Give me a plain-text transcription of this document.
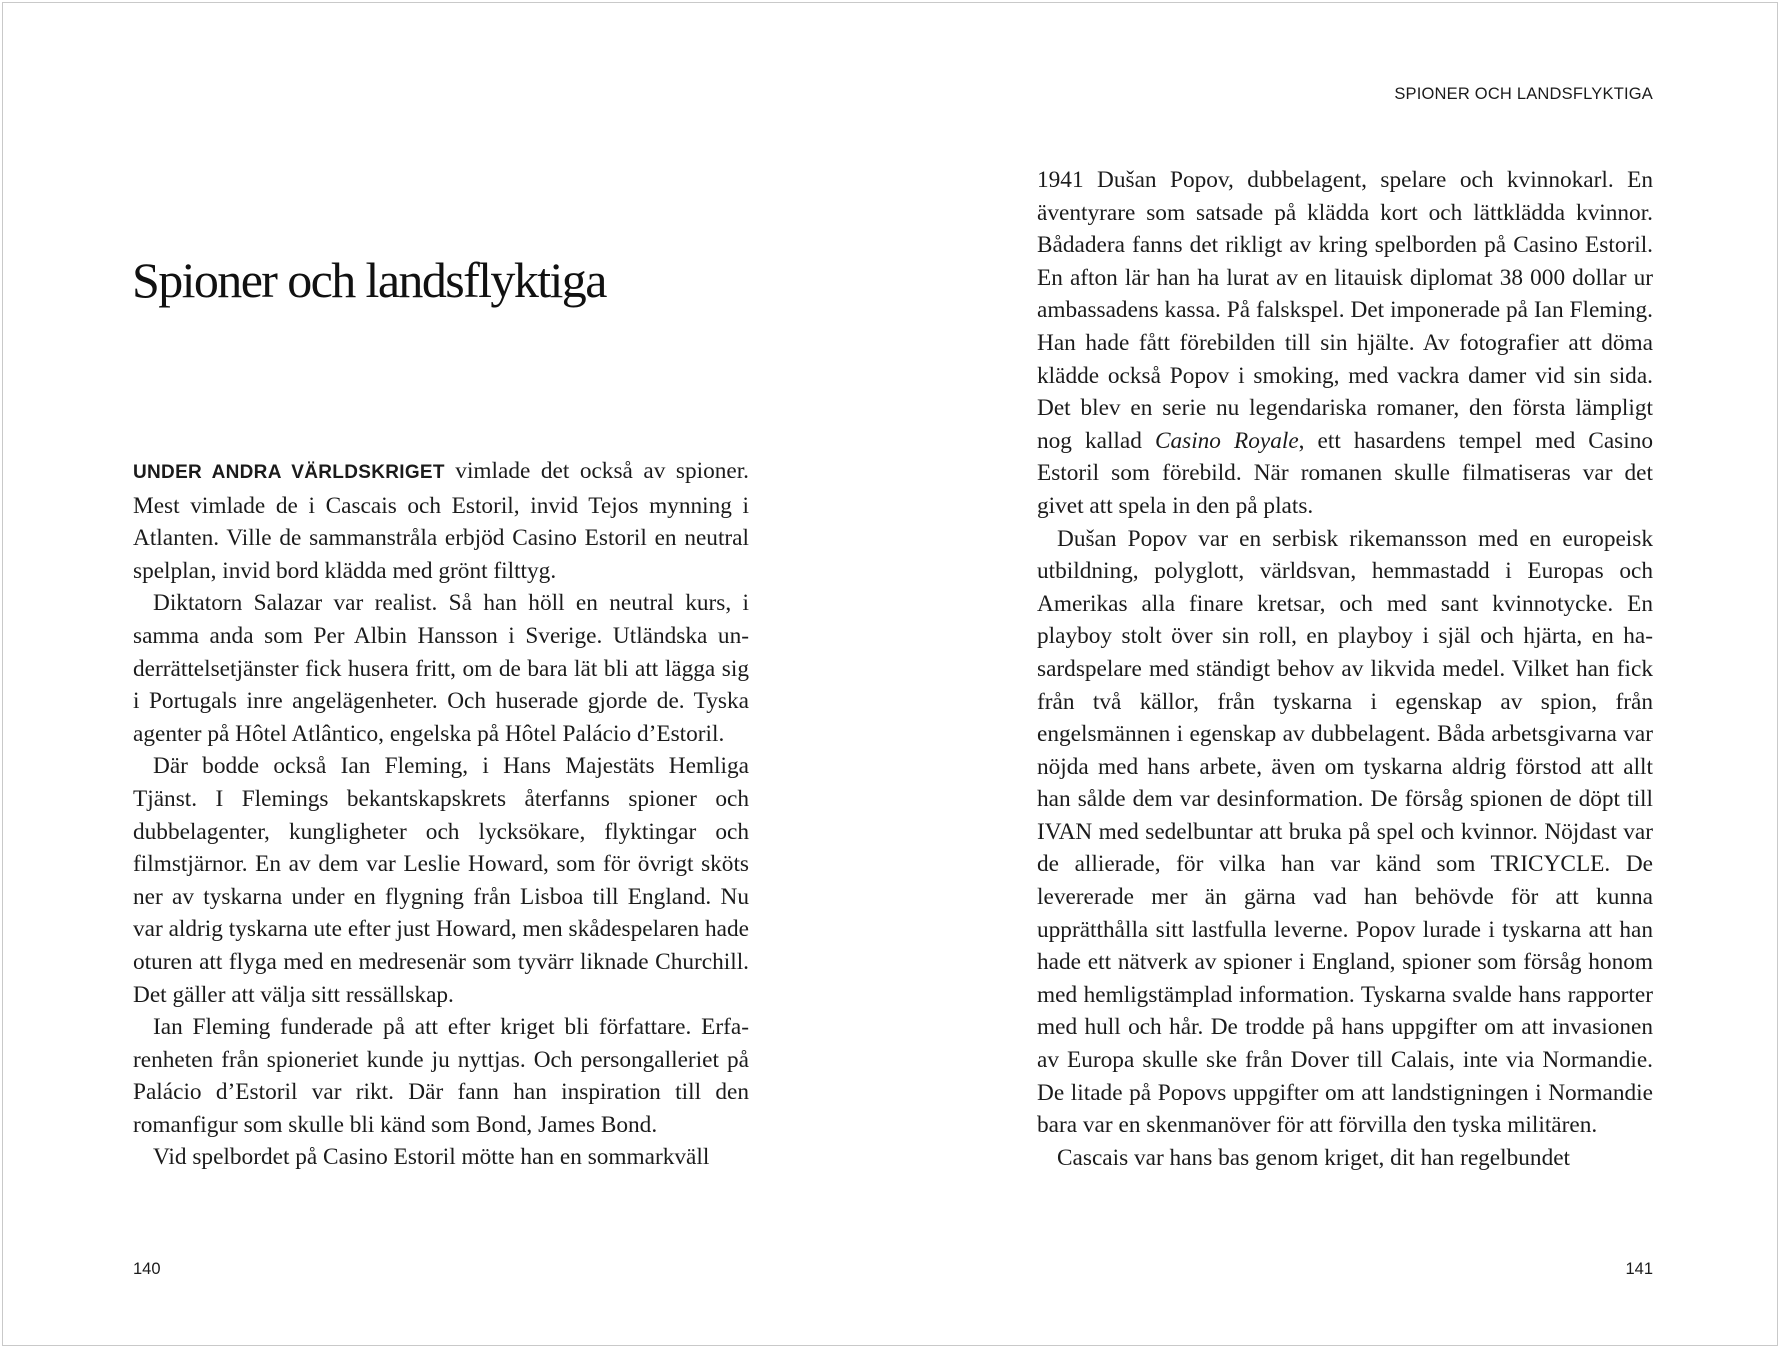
Spioner och landsflyktiga

UNDER ANDRA VÄRLDSKRIGET vimlade det också av spioner. Mest vimlade de i Cascais och Estoril, invid Tejos mynning i Atlanten. Ville de sammanstråla erbjöd Casino Estoril en neutral spelplan, invid bord klädda med grönt filttyg.

Diktatorn Salazar var realist. Så han höll en neutral kurs, i samma anda som Per Albin Hansson i Sverige. Utländska underrättelsetjänster fick husera fritt, om de bara lät bli att lägga sig i Portugals inre angelägenheter. Och huserade gjorde de. Tyska agenter på Hôtel Atlântico, engelska på Hôtel Palácio d’Estoril.

Där bodde också Ian Fleming, i Hans Majestäts Hemliga Tjänst. I Flemings bekantskapskrets återfanns spioner och dubbelagenter, kungligheter och lycksökare, flyktingar och filmstjärnor. En av dem var Leslie Howard, som för övrigt sköts ner av tyskarna under en flygning från Lisboa till England. Nu var aldrig tyskarna ute efter just Howard, men skådespelaren hade oturen att flyga med en medresenär som tyvärr liknade Churchill. Det gäller att välja sitt ressällskap.

Ian Fleming funderade på att efter kriget bli författare. Erfarenheten från spioneriet kunde ju nyttjas. Och persongalleriet på Palácio d’Estoril var rikt. Där fann han inspiration till den romanfigur som skulle bli känd som Bond, James Bond.

Vid spelbordet på Casino Estoril mötte han en sommarkväll

140
SPIONER OCH LANDSFLYKTIGA

1941 Dušan Popov, dubbelagent, spelare och kvinnokarl. En äventyrare som satsade på klädda kort och lättklädda kvinnor. Bådadera fanns det rikligt av kring spelborden på Casino Estoril. En afton lär han ha lurat av en litauisk diplomat 38 000 dollar ur ambassadens kassa. På falskspel. Det imponerade på Ian Fleming. Han hade fått förebilden till sin hjälte. Av fotografier att döma klädde också Popov i smoking, med vackra damer vid sin sida. Det blev en serie nu legendariska romaner, den första lämpligt nog kallad Casino Royale, ett hasardens tempel med Casino Estoril som förebild. När romanen skulle filmatiseras var det givet att spela in den på plats.

Dušan Popov var en serbisk rikemansson med en europeisk utbildning, polyglott, världsvan, hemmastadd i Europas och Amerikas alla finare kretsar, och med sant kvinnotycke. En playboy stolt över sin roll, en playboy i själ och hjärta, en hasardspelare med ständigt behov av likvida medel. Vilket han fick från två källor, från tyskarna i egenskap av spion, från engelsmännen i egenskap av dubbelagent. Båda arbetsgivarna var nöjda med hans arbete, även om tyskarna aldrig förstod att allt han sålde dem var desinformation. De försåg spionen de döpt till IVAN med sedelbuntar att bruka på spel och kvinnor. Nöjdast var de allierade, för vilka han var känd som TRICYCLE. De levererade mer än gärna vad han behövde för att kunna upprätthålla sitt lastfulla leverne. Popov lurade i tyskarna att han hade ett nätverk av spioner i England, spioner som försåg honom med hemligstämplad information. Tyskarna svalde hans rapporter med hull och hår. De trodde på hans uppgifter om att invasionen av Europa skulle ske från Dover till Calais, inte via Normandie. De litade på Popovs uppgifter om att landstigningen i Normandie bara var en skenmanöver för att förvilla den tyska militären.

Cascais var hans bas genom kriget, dit han regelbundet

141
